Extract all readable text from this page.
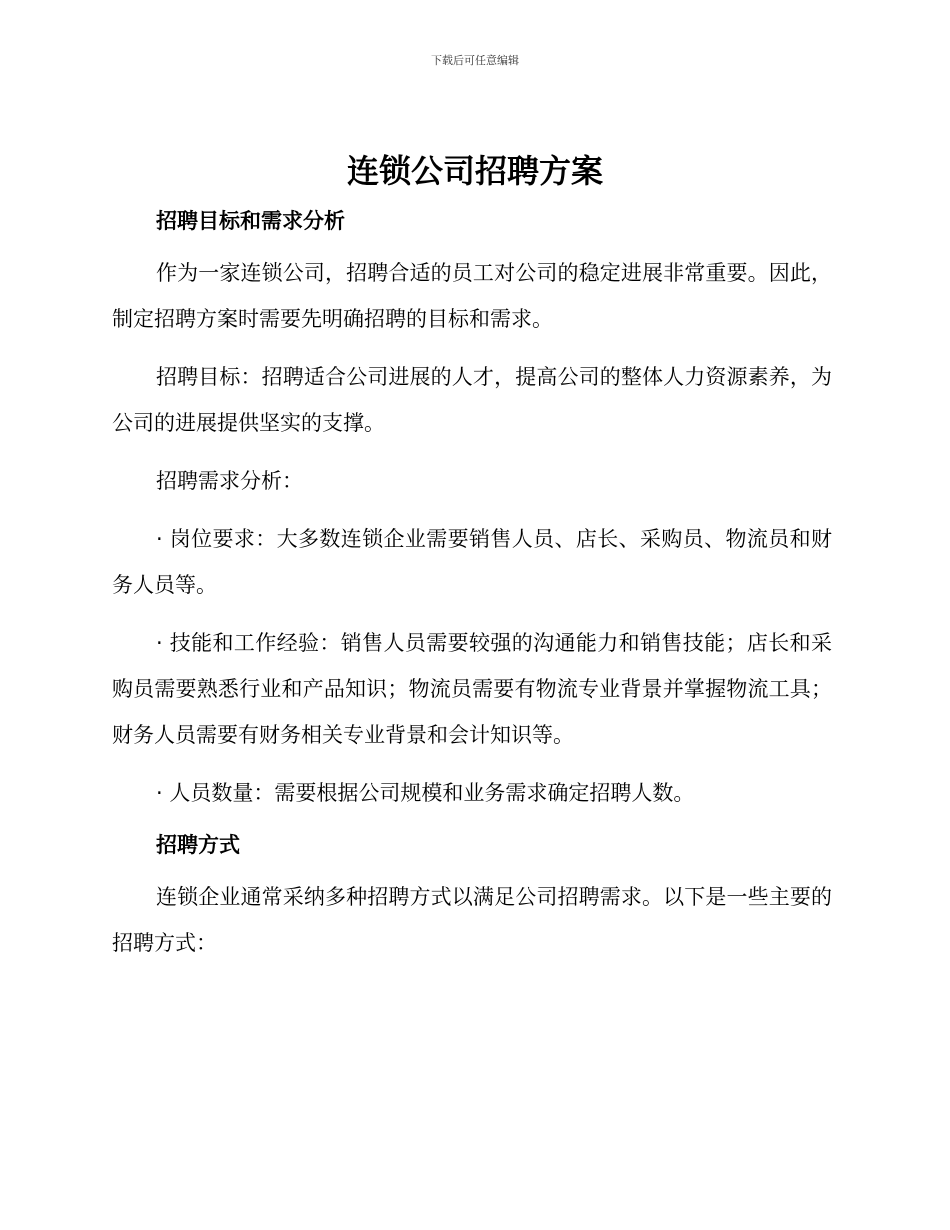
下载后可任意编辑
连锁公司招聘方案

招聘目标和需求分析

作为一家连锁公司，招聘合适的员工对公司的稳定进展非常重要。因此，制定招聘方案时需要先明确招聘的目标和需求。

招聘目标：招聘适合公司进展的人才，提高公司的整体人力资源素养，为公司的进展提供坚实的支撑。

招聘需求分析：

· 岗位要求：大多数连锁企业需要销售人员、店长、采购员、物流员和财务人员等。

· 技能和工作经验：销售人员需要较强的沟通能力和销售技能；店长和采购员需要熟悉行业和产品知识；物流员需要有物流专业背景并掌握物流工具；财务人员需要有财务相关专业背景和会计知识等。

· 人员数量：需要根据公司规模和业务需求确定招聘人数。

招聘方式

连锁企业通常采纳多种招聘方式以满足公司招聘需求。以下是一些主要的招聘方式：
